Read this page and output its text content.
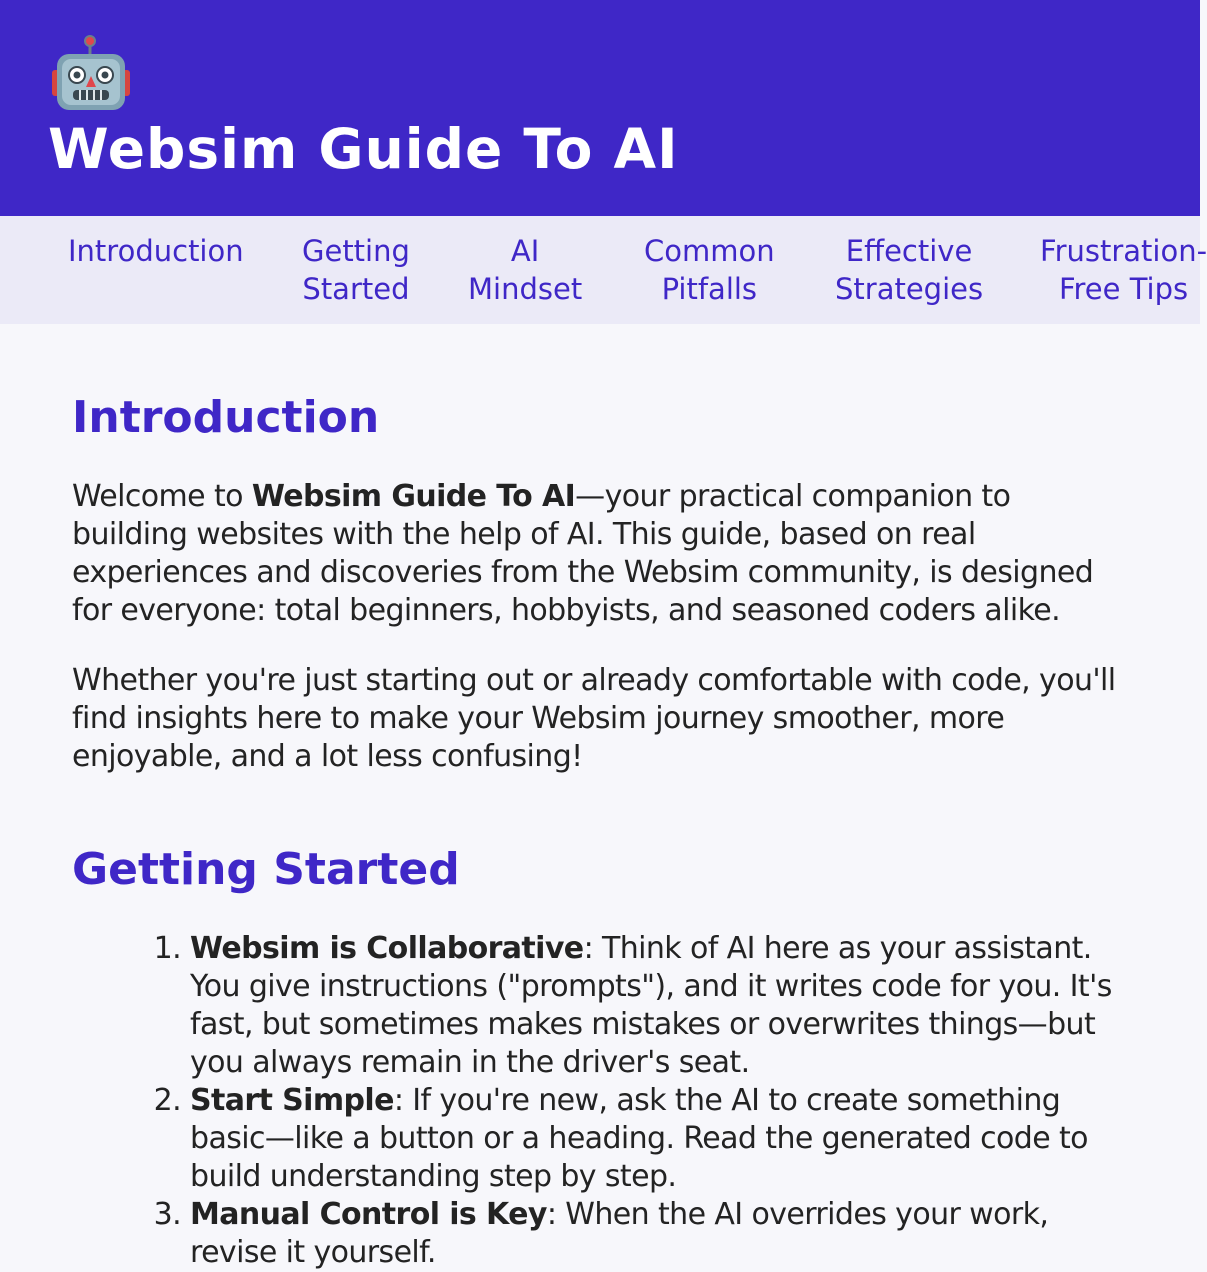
Websim Guide To AI
Introduction Getting
Started
AI
Mindset
Common
Pitfalls
Effective
Strategies
Frustration-
Free Tips
Introduction

Welcome to Websim Guide To AI—your practical companion to building websites with the help of AI. This guide, based on real experiences and discoveries from the Websim community, is designed for everyone: total beginners, hobbyists, and seasoned coders alike.

Whether you're just starting out or already comfortable with code, you'll find insights here to make your Websim journey smoother, more enjoyable, and a lot less confusing!

Getting Started
1. Websim is Collaborative: Think of AI here as your assistant. You give instructions ("prompts"), and it writes code for you. It's fast, but sometimes makes mistakes or overwrites things—but you always remain in the driver's seat.
2. Start Simple: If you're new, ask the AI to create something basic—like a button or a heading. Read the generated code to build understanding step by step.
3. Manual Control is Key: When the AI overrides your work, revise it yourself.
